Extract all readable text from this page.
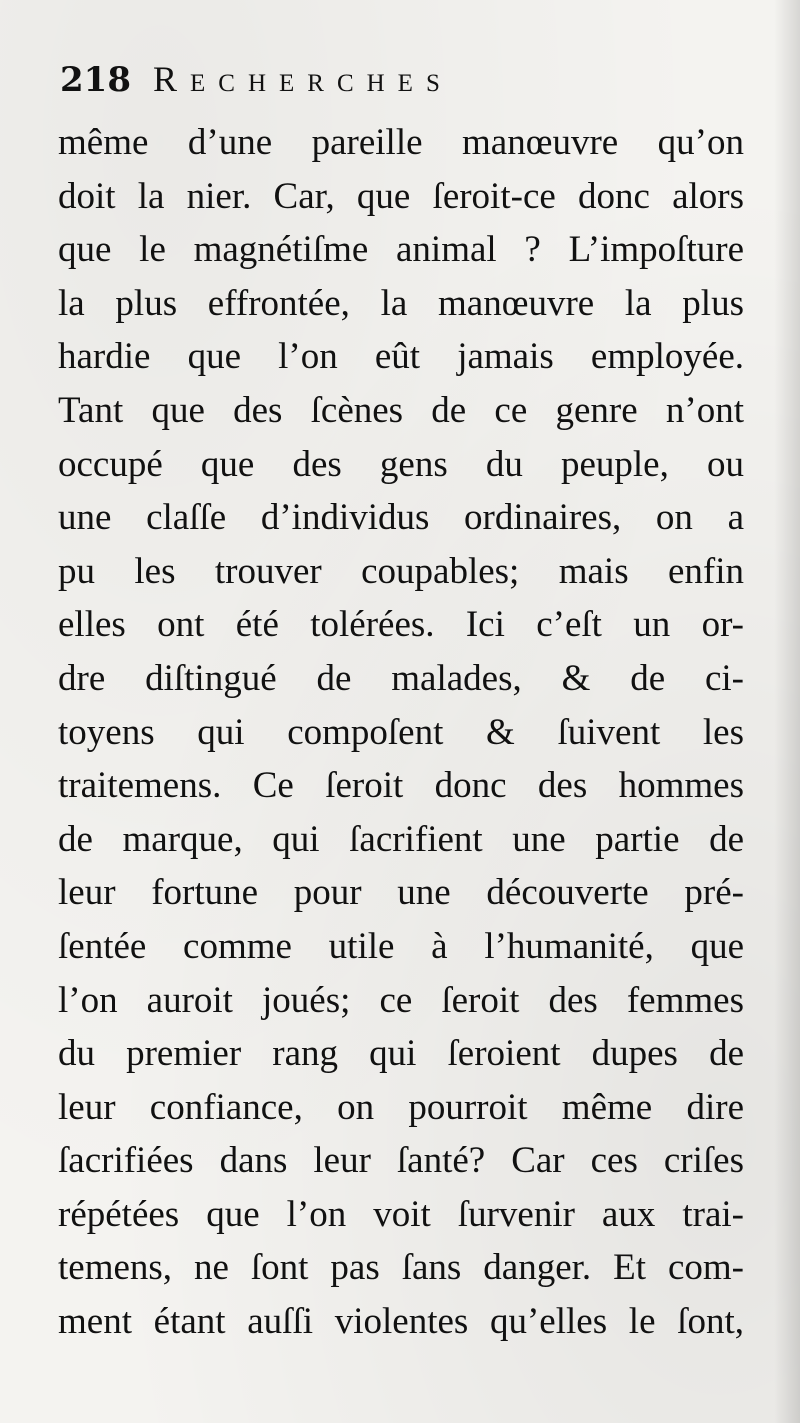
218 Recherches
même d’une pareille manœuvre qu’on
doit la nier. Car, que ſeroit-ce donc alors
que le magnétiſme animal ? L’impoſture
la plus effrontée, la manœuvre la plus
hardie que l’on eût jamais employée.
Tant que des ſcènes de ce genre n’ont
occupé que des gens du peuple, ou
une claſſe d’individus ordinaires, on a
pu les trouver coupables; mais enfin
elles ont été tolérées. Ici c’eſt un or-
dre diſtingué de malades, & de ci-
toyens qui compoſent & ſuivent les
traitemens. Ce ſeroit donc des hommes
de marque, qui ſacrifient une partie de
leur fortune pour une découverte pré-
ſentée comme utile à l’humanité, que
l’on auroit joués; ce ſeroit des femmes
du premier rang qui ſeroient dupes de
leur confiance, on pourroit même dire
ſacrifiées dans leur ſanté? Car ces criſes
répétées que l’on voit ſurvenir aux trai-
temens, ne ſont pas ſans danger. Et com-
ment étant auſſi violentes qu’elles le ſont,
